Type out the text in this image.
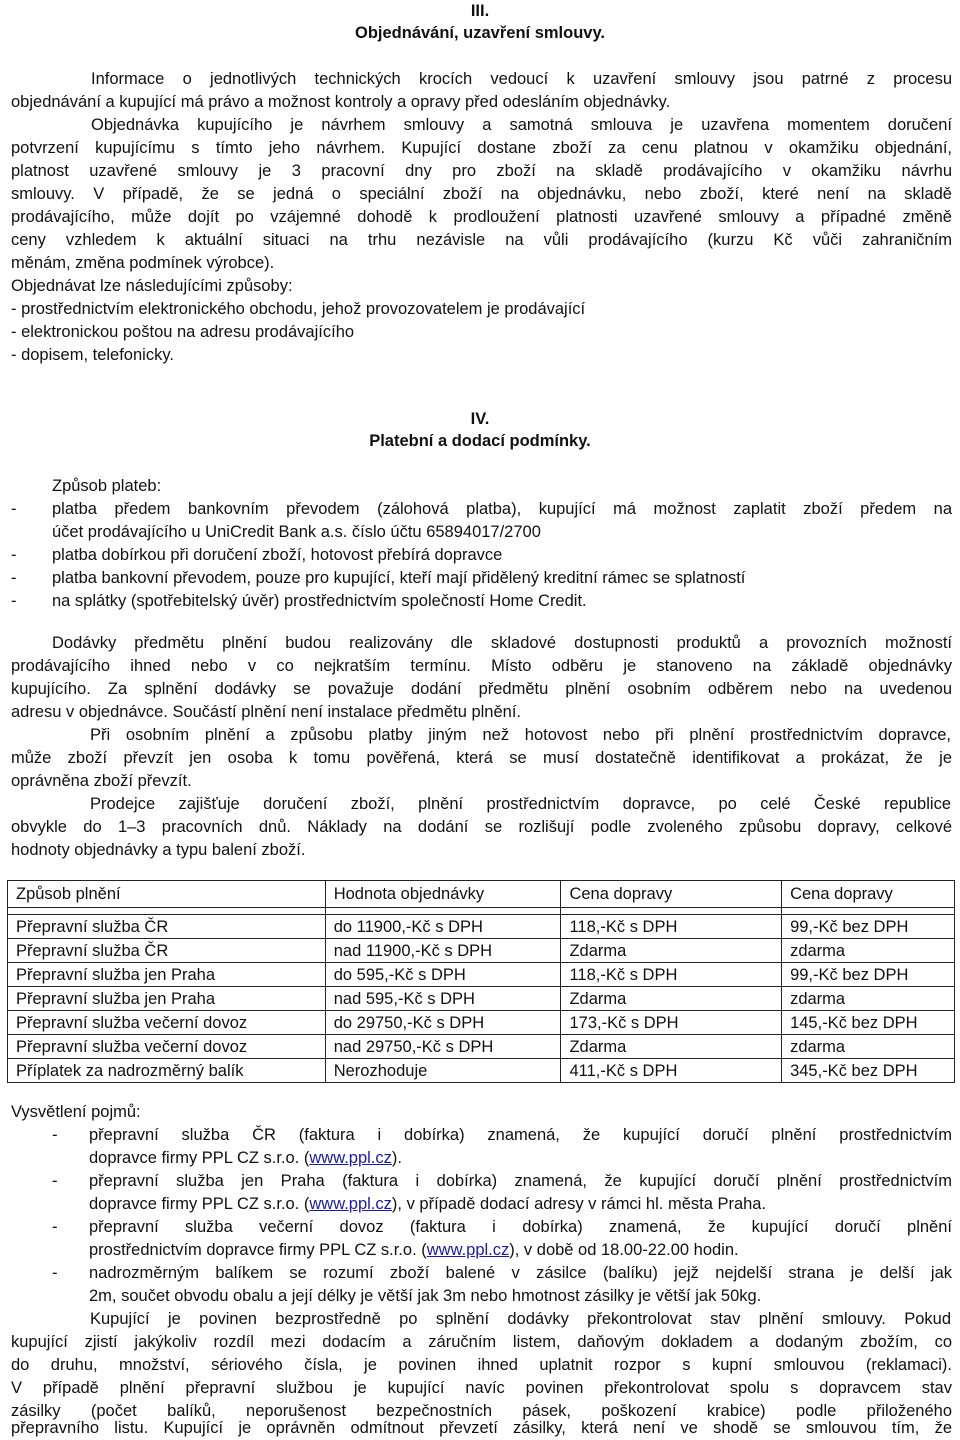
III.
Objednávání, uzavření smlouvy.
Informace o jednotlivých technických krocích vedoucí k uzavření smlouvy jsou patrné z procesu
objednávání a kupující má právo a možnost kontroly a opravy před odesláním objednávky.
Objednávka kupujícího je návrhem smlouvy a samotná smlouva je uzavřena momentem doručení
potvrzení kupujícímu s tímto jeho návrhem. Kupující dostane zboží za cenu platnou v okamžiku objednání,
platnost uzavřené smlouvy je 3 pracovní dny pro zboží na skladě prodávajícího v okamžiku návrhu
smlouvy. V případě, že se jedná o speciální zboží na objednávku, nebo zboží, které není na skladě
prodávajícího, může dojít po vzájemné dohodě k prodloužení platnosti uzavřené smlouvy a případné změně
ceny vzhledem k aktuální situaci na trhu nezávisle na vůli prodávajícího (kurzu Kč vůči zahraničním
měnám, změna podmínek výrobce).
Objednávat lze následujícími způsoby:
- prostřednictvím elektronického obchodu, jehož provozovatelem je prodávající
- elektronickou poštou na adresu prodávajícího
- dopisem, telefonicky.
IV.
Platební a dodací podmínky.
Způsob plateb:
- platba předem bankovním převodem (zálohová platba), kupující má možnost zaplatit zboží předem na
účet prodávajícího u UniCredit Bank a.s. číslo účtu 65894017/2700
- platba dobírkou při doručení zboží, hotovost přebírá dopravce
- platba bankovní převodem, pouze pro kupující, kteří mají přidělený kreditní rámec se splatností
- na splátky (spotřebitelský úvěr) prostřednictvím společností Home Credit.
Dodávky předmětu plnění budou realizovány dle skladové dostupnosti produktů a provozních možností
prodávajícího ihned nebo v co nejkratším termínu. Místo odběru je stanoveno na základě objednávky
kupujícího. Za splnění dodávky se považuje dodání předmětu plnění osobním odběrem nebo na uvedenou
adresu v objednávce. Součástí plnění není instalace předmětu plnění.
Při osobním plnění a způsobu platby jiným než hotovost nebo při plnění prostřednictvím dopravce,
může zboží převzít jen osoba k tomu pověřená, která se musí dostatečně identifikovat a prokázat, že je
oprávněna zboží převzít.
Prodejce zajišťuje doručení zboží, plnění prostřednictvím dopravce, po celé České republice
obvykle do 1–3 pracovních dnů. Náklady na dodání se rozlišují podle zvoleného způsobu dopravy, celkové
hodnoty objednávky a typu balení zboží.
Způsob plnění	Hodnota objednávky	Cena dopravy	Cena dopravy

Přepravní služba ČR	do 11900,-Kč s DPH	118,-Kč s DPH	99,-Kč bez DPH
Přepravní služba ČR	nad 11900,-Kč s DPH	Zdarma	zdarma
Přepravní služba jen Praha	do 595,-Kč s DPH	118,-Kč s DPH	99,-Kč bez DPH
Přepravní služba jen Praha	nad 595,-Kč s DPH	Zdarma	zdarma
Přepravní služba večerní dovoz	do 29750,-Kč s DPH	173,-Kč s DPH	145,-Kč bez DPH
Přepravní služba večerní dovoz	nad 29750,-Kč s DPH	Zdarma	zdarma
Příplatek za nadrozměrný balík	Nerozhoduje	411,-Kč s DPH	345,-Kč bez DPH
Vysvětlení pojmů:
- přepravní služba ČR (faktura i dobírka) znamená, že kupující doručí plnění prostřednictvím
dopravce firmy PPL CZ s.r.o. (www.ppl.cz).
- přepravní služba jen Praha (faktura i dobírka) znamená, že kupující doručí plnění prostřednictvím
dopravce firmy PPL CZ s.r.o. (www.ppl.cz), v případě dodací adresy v rámci hl. města Praha.
- přepravní služba večerní dovoz (faktura i dobírka) znamená, že kupující doručí plnění
prostřednictvím dopravce firmy PPL CZ s.r.o. (www.ppl.cz), v době od 18.00-22.00 hodin.
- nadrozměrným balíkem se rozumí zboží balené v zásilce (balíku) jejž nejdelší strana je delší jak
2m, součet obvodu obalu a její délky je větší jak 3m nebo hmotnost zásilky je větší jak 50kg.
Kupující je povinen bezprostředně po splnění dodávky překontrolovat stav plnění smlouvy. Pokud
kupující zjistí jakýkoliv rozdíl mezi dodacím a záručním listem, daňovým dokladem a dodaným zbožím, co
do druhu, množství, sériového čísla, je povinen ihned uplatnit rozpor s kupní smlouvou (reklamaci).
V případě plnění přepravní službou je kupující navíc povinen překontrolovat spolu s dopravcem stav
zásilky (počet balíků, neporušenost bezpečnostních pásek, poškození krabice) podle přiloženého
přepravního listu. Kupující je oprávněn odmítnout převzetí zásilky, která není ve shodě se smlouvou tím, že
